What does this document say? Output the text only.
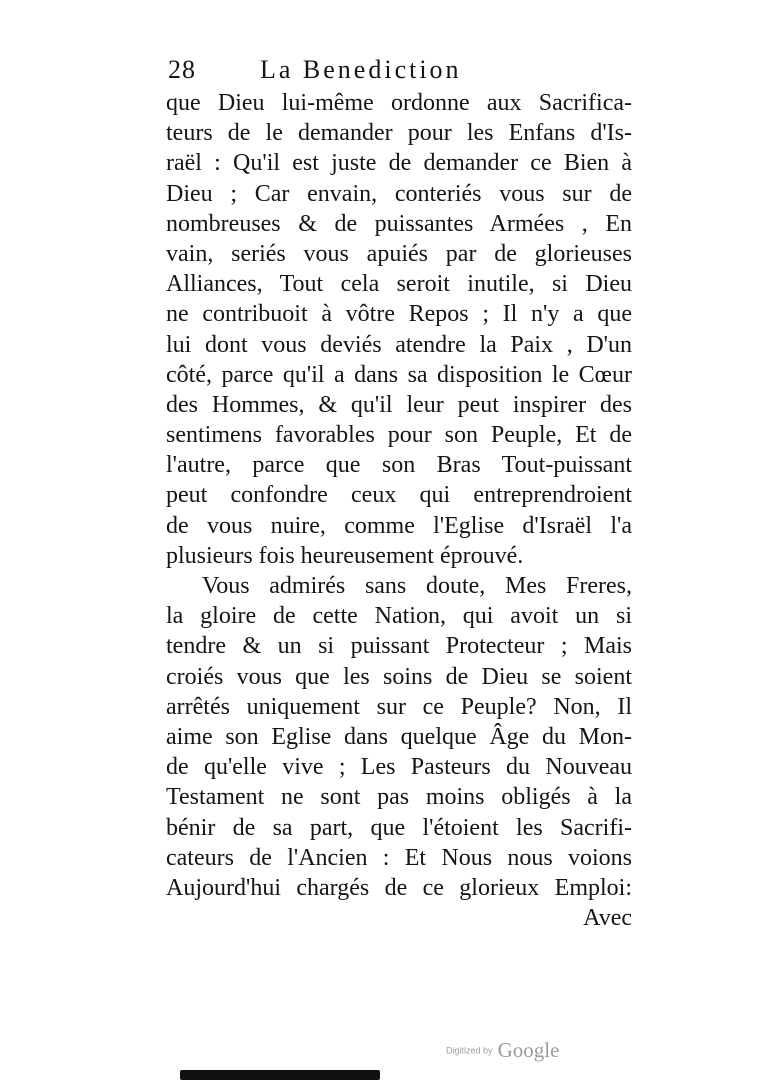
28 La Benediction
que Dieu lui-même ordonne aux Sacrifica-
teurs de le demander pour les Enfans d'Is-
raël : Qu'il est juste de demander ce Bien à
Dieu ; Car envain, conteriés vous sur de
nombreuses & de puissantes Armées , En
vain, seriés vous apuiés par de glorieuses
Alliances, Tout cela seroit inutile, si Dieu
ne contribuoit à vôtre Repos ; Il n'y a que
lui dont vous deviés atendre la Paix , D'un
côté, parce qu'il a dans sa disposition le Cœur
des Hommes, & qu'il leur peut inspirer des
sentimens favorables pour son Peuple, Et de
l'autre, parce que son Bras Tout-puissant
peut confondre ceux qui entreprendroient
de vous nuire, comme l'Eglise d'Israël l'a
plusieurs fois heureusement éprouvé.
Vous admirés sans doute, Mes Freres,
la gloire de cette Nation, qui avoit un si
tendre & un si puissant Protecteur ; Mais
croiés vous que les soins de Dieu se soient
arrêtés uniquement sur ce Peuple? Non, Il
aime son Eglise dans quelque Âge du Mon-
de qu'elle vive ; Les Pasteurs du Nouveau
Testament ne sont pas moins obligés à la
bénir de sa part, que l'étoient les Sacrifi-
cateurs de l'Ancien : Et Nous nous voions
Aujourd'hui chargés de ce glorieux Emploi:
Avec
Digitized by Google
